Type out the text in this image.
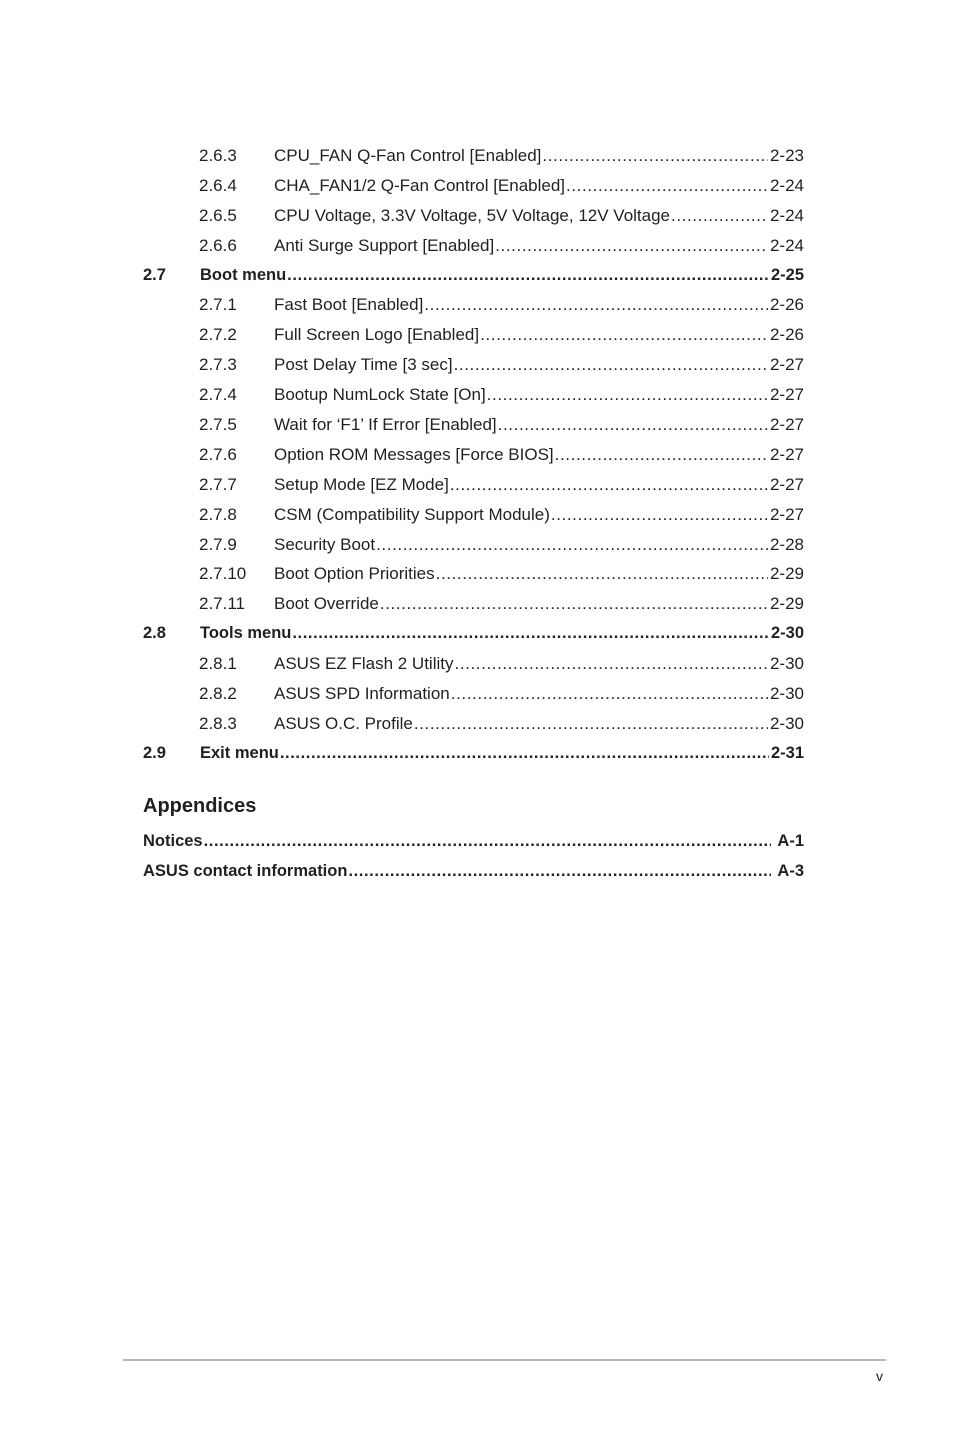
2.6.3	CPU_FAN Q-Fan Control [Enabled] .....	2-23
2.6.4	CHA_FAN1/2 Q-Fan Control [Enabled] .....	2-24
2.6.5	CPU Voltage, 3.3V Voltage, 5V Voltage, 12V Voltage .....	2-24
2.6.6	Anti Surge Support [Enabled] .....	2-24
2.7	Boot menu .....	2-25
2.7.1	Fast Boot [Enabled] .....	2-26
2.7.2	Full Screen Logo [Enabled] .....	2-26
2.7.3	Post Delay Time [3 sec] .....	2-27
2.7.4	Bootup NumLock State [On] .....	2-27
2.7.5	Wait for ‘F1’ If Error [Enabled] .....	2-27
2.7.6	Option ROM Messages [Force BIOS] .....	2-27
2.7.7	Setup Mode [EZ Mode] .....	2-27
2.7.8	CSM (Compatibility Support Module) .....	2-27
2.7.9	Security Boot .....	2-28
2.7.10	Boot Option Priorities .....	2-29
2.7.11	Boot Override .....	2-29
2.8	Tools menu .....	2-30
2.8.1	ASUS EZ Flash 2 Utility .....	2-30
2.8.2	ASUS SPD Information .....	2-30
2.8.3	ASUS O.C. Profile .....	2-30
2.9	Exit menu .....	2-31
Appendices
Notices .....	A-1
ASUS contact information .....	A-3
v
